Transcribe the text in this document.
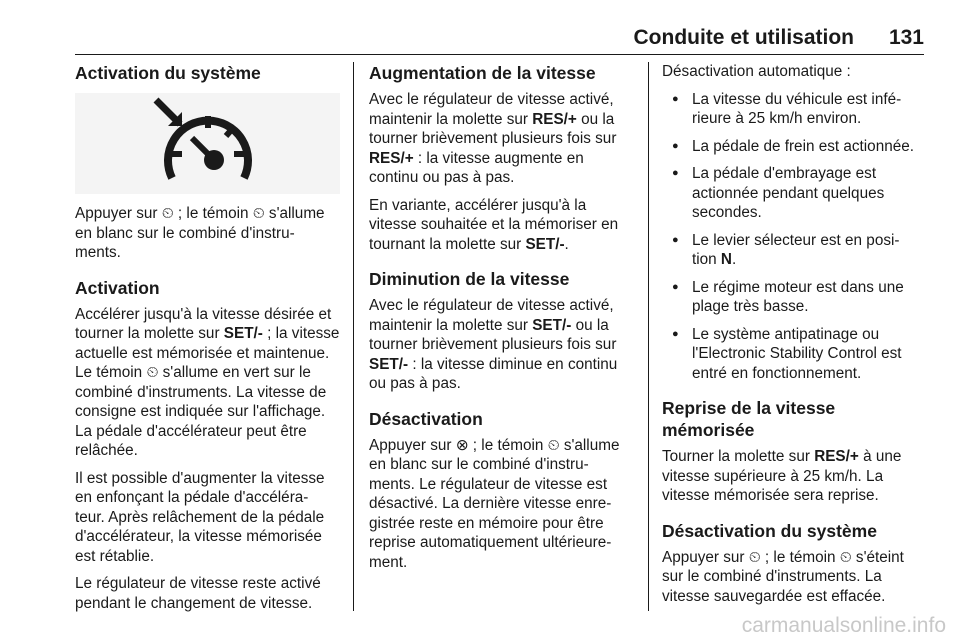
Conduite et utilisation 131
Activation du système

Appuyer sur ⏲ ; le témoin ⏲ s'allume en blanc sur le combiné d'instru- ments.

Activation

Accélérer jusqu'à la vitesse désirée et tourner la molette sur SET/- ; la vitesse actuelle est mémorisée et maintenue. Le témoin ⏲ s'allume en vert sur le combiné d'instruments. La vitesse de consigne est indiquée sur l'affichage. La pédale d'accélérateur peut être relâchée.

Il est possible d'augmenter la vitesse en enfonçant la pédale d'accéléra- teur. Après relâchement de la pédale d'accélérateur, la vitesse mémorisée est rétablie.

Le régulateur de vitesse reste activé pendant le changement de vitesse.

Augmentation de la vitesse

Avec le régulateur de vitesse activé, maintenir la molette sur RES/+ ou la tourner brièvement plusieurs fois sur RES/+ : la vitesse augmente en continu ou pas à pas.

En variante, accélérer jusqu'à la vitesse souhaitée et la mémoriser en tournant la molette sur SET/-.

Diminution de la vitesse

Avec le régulateur de vitesse activé, maintenir la molette sur SET/- ou la tourner brièvement plusieurs fois sur SET/- : la vitesse diminue en continu ou pas à pas.

Désactivation

Appuyer sur ⊗ ; le témoin ⏲ s'allume en blanc sur le combiné d'instru- ments. Le régulateur de vitesse est désactivé. La dernière vitesse enre- gistrée reste en mémoire pour être reprise automatiquement ultérieure- ment.

Désactivation automatique :

● La vitesse du véhicule est infé- rieure à 25 km/h environ.
● La pédale de frein est actionnée.
● La pédale d'embrayage est actionnée pendant quelques secondes.
● Le levier sélecteur est en posi- tion N.
● Le régime moteur est dans une plage très basse.
● Le système antipatinage ou l'Electronic Stability Control est entré en fonctionnement.
Reprise de la vitesse mémorisée

Tourner la molette sur RES/+ à une vitesse supérieure à 25 km/h. La vitesse mémorisée sera reprise.

Désactivation du système

Appuyer sur ⏲ ; le témoin ⏲ s'éteint sur le combiné d'instruments. La vitesse sauvegardée est effacée.

carmanualsonline.info
